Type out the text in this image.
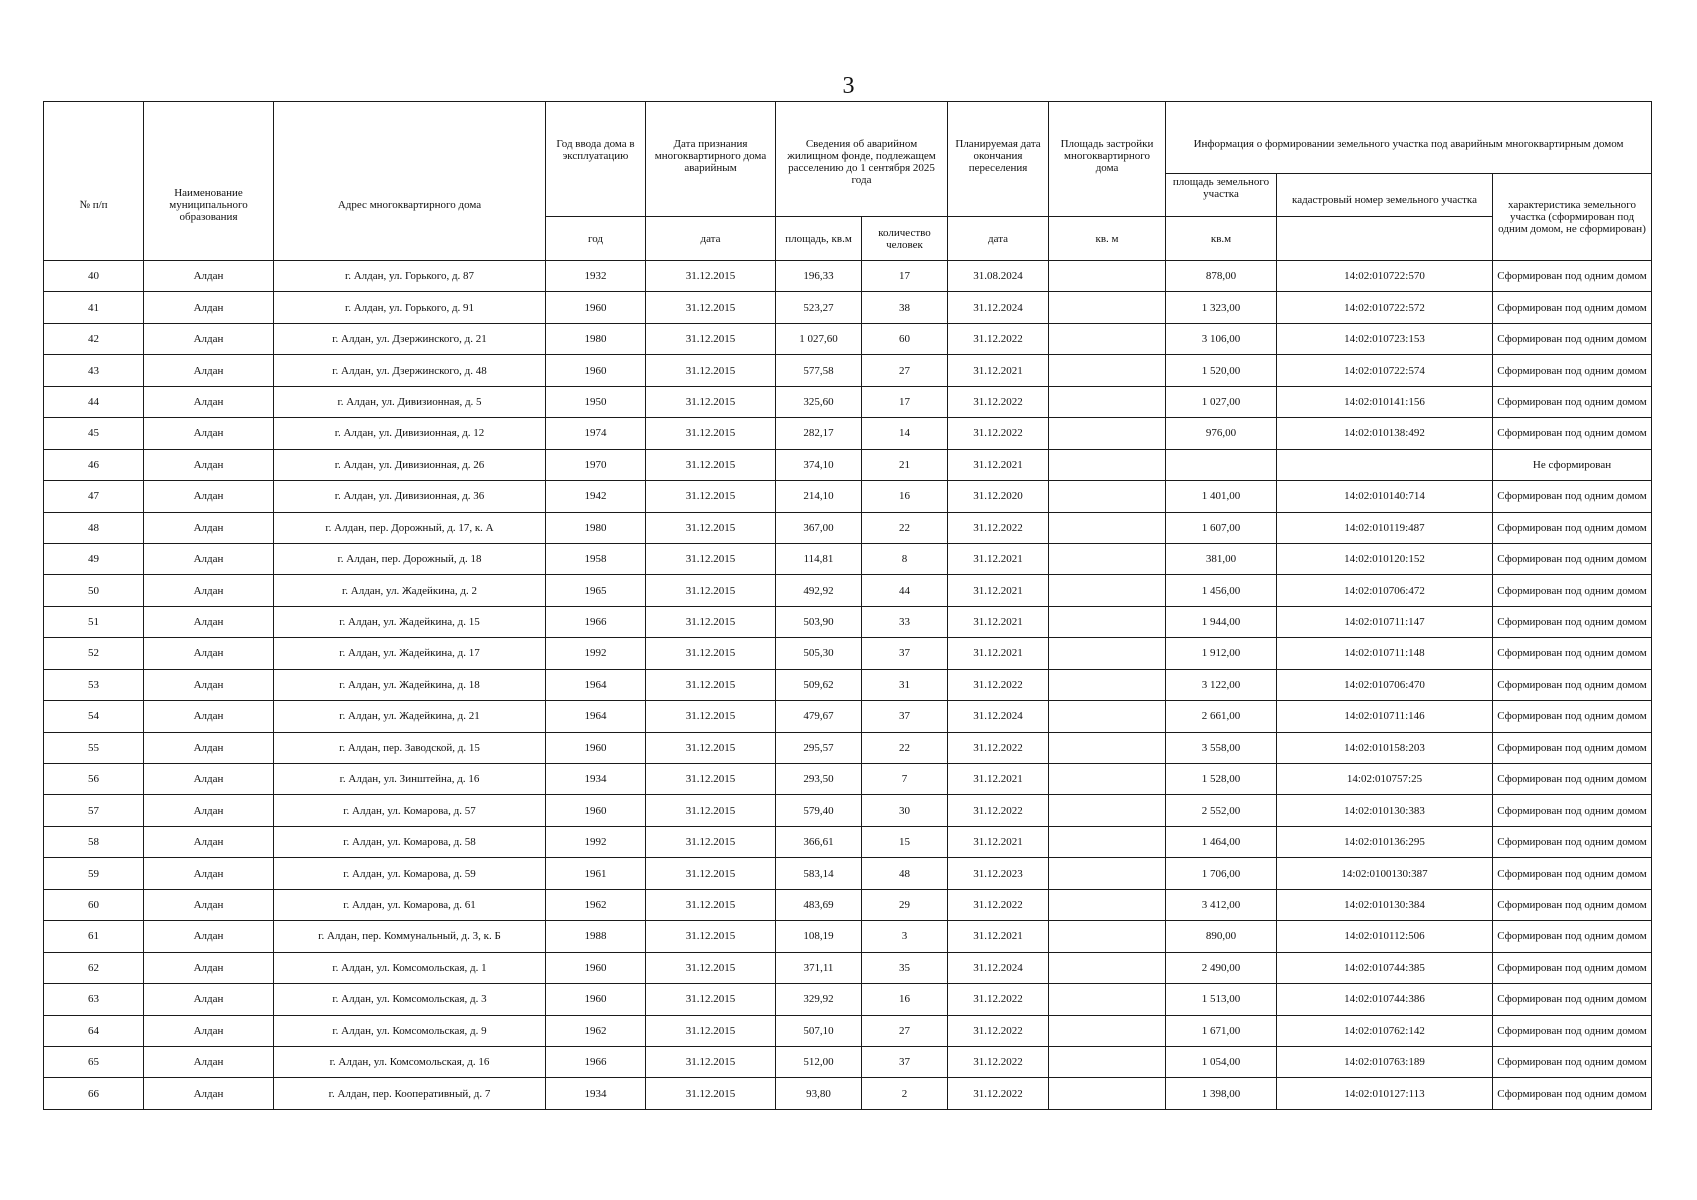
3
№ п/п	Наименование муниципального образования	Адрес многоквартирного дома	Год ввода дома в эксплуатацию	Дата признания многоквартирного дома аварийным	Сведения об аварийном жилищном фонде, подлежащем расселению до 1 сентября 2025 года		Планируемая дата окончания переселения	Площадь застройки многоквартирного дома	Информация о формировании земельного участка под аварийным многоквартирным домом		
									площадь земельного участка	кадастровый номер земельного участка	характеристика земельного участка (сформирован под одним домом, не сформирован)
			год	дата	площадь, кв.м	количество человек	дата	кв. м	кв.м		
40	Алдан	г. Алдан, ул. Горького, д. 87	1932	31.12.2015	196,33	17	31.08.2024		878,00	14:02:010722:570	Сформирован под одним домом
41	Алдан	г. Алдан, ул. Горького, д. 91	1960	31.12.2015	523,27	38	31.12.2024		1 323,00	14:02:010722:572	Сформирован под одним домом
42	Алдан	г. Алдан, ул. Дзержинского, д. 21	1980	31.12.2015	1 027,60	60	31.12.2022		3 106,00	14:02:010723:153	Сформирован под одним домом
43	Алдан	г. Алдан, ул. Дзержинского, д. 48	1960	31.12.2015	577,58	27	31.12.2021		1 520,00	14:02:010722:574	Сформирован под одним домом
44	Алдан	г. Алдан, ул. Дивизионная, д. 5	1950	31.12.2015	325,60	17	31.12.2022		1 027,00	14:02:010141:156	Сформирован под одним домом
45	Алдан	г. Алдан, ул. Дивизионная, д. 12	1974	31.12.2015	282,17	14	31.12.2022		976,00	14:02:010138:492	Сформирован под одним домом
46	Алдан	г. Алдан, ул. Дивизионная, д. 26	1970	31.12.2015	374,10	21	31.12.2021				Не сформирован
47	Алдан	г. Алдан, ул. Дивизионная, д. 36	1942	31.12.2015	214,10	16	31.12.2020		1 401,00	14:02:010140:714	Сформирован под одним домом
48	Алдан	г. Алдан, пер. Дорожный, д. 17, к. А	1980	31.12.2015	367,00	22	31.12.2022		1 607,00	14:02:010119:487	Сформирован под одним домом
49	Алдан	г. Алдан, пер. Дорожный, д. 18	1958	31.12.2015	114,81	8	31.12.2021		381,00	14:02:010120:152	Сформирован под одним домом
50	Алдан	г. Алдан, ул. Жадейкина, д. 2	1965	31.12.2015	492,92	44	31.12.2021		1 456,00	14:02:010706:472	Сформирован под одним домом
51	Алдан	г. Алдан, ул. Жадейкина, д. 15	1966	31.12.2015	503,90	33	31.12.2021		1 944,00	14:02:010711:147	Сформирован под одним домом
52	Алдан	г. Алдан, ул. Жадейкина, д. 17	1992	31.12.2015	505,30	37	31.12.2021		1 912,00	14:02:010711:148	Сформирован под одним домом
53	Алдан	г. Алдан, ул. Жадейкина, д. 18	1964	31.12.2015	509,62	31	31.12.2022		3 122,00	14:02:010706:470	Сформирован под одним домом
54	Алдан	г. Алдан, ул. Жадейкина, д. 21	1964	31.12.2015	479,67	37	31.12.2024		2 661,00	14:02:010711:146	Сформирован под одним домом
55	Алдан	г. Алдан, пер. Заводской, д. 15	1960	31.12.2015	295,57	22	31.12.2022		3 558,00	14:02:010158:203	Сформирован под одним домом
56	Алдан	г. Алдан, ул. Зинштейна, д. 16	1934	31.12.2015	293,50	7	31.12.2021		1 528,00	14:02:010757:25	Сформирован под одним домом
57	Алдан	г. Алдан, ул. Комарова, д. 57	1960	31.12.2015	579,40	30	31.12.2022		2 552,00	14:02:010130:383	Сформирован под одним домом
58	Алдан	г. Алдан, ул. Комарова, д. 58	1992	31.12.2015	366,61	15	31.12.2021		1 464,00	14:02:010136:295	Сформирован под одним домом
59	Алдан	г. Алдан, ул. Комарова, д. 59	1961	31.12.2015	583,14	48	31.12.2023		1 706,00	14:02:0100130:387	Сформирован под одним домом
60	Алдан	г. Алдан, ул. Комарова, д. 61	1962	31.12.2015	483,69	29	31.12.2022		3 412,00	14:02:010130:384	Сформирован под одним домом
61	Алдан	г. Алдан, пер. Коммунальный, д. 3, к. Б	1988	31.12.2015	108,19	3	31.12.2021		890,00	14:02:010112:506	Сформирован под одним домом
62	Алдан	г. Алдан, ул. Комсомольская, д. 1	1960	31.12.2015	371,11	35	31.12.2024		2 490,00	14:02:010744:385	Сформирован под одним домом
63	Алдан	г. Алдан, ул. Комсомольская, д. 3	1960	31.12.2015	329,92	16	31.12.2022		1 513,00	14:02:010744:386	Сформирован под одним домом
64	Алдан	г. Алдан, ул. Комсомольская, д. 9	1962	31.12.2015	507,10	27	31.12.2022		1 671,00	14:02:010762:142	Сформирован под одним домом
65	Алдан	г. Алдан, ул. Комсомольская, д. 16	1966	31.12.2015	512,00	37	31.12.2022		1 054,00	14:02:010763:189	Сформирован под одним домом
66	Алдан	г. Алдан, пер. Кооперативный, д. 7	1934	31.12.2015	93,80	2	31.12.2022		1 398,00	14:02:010127:113	Сформирован под одним домом
